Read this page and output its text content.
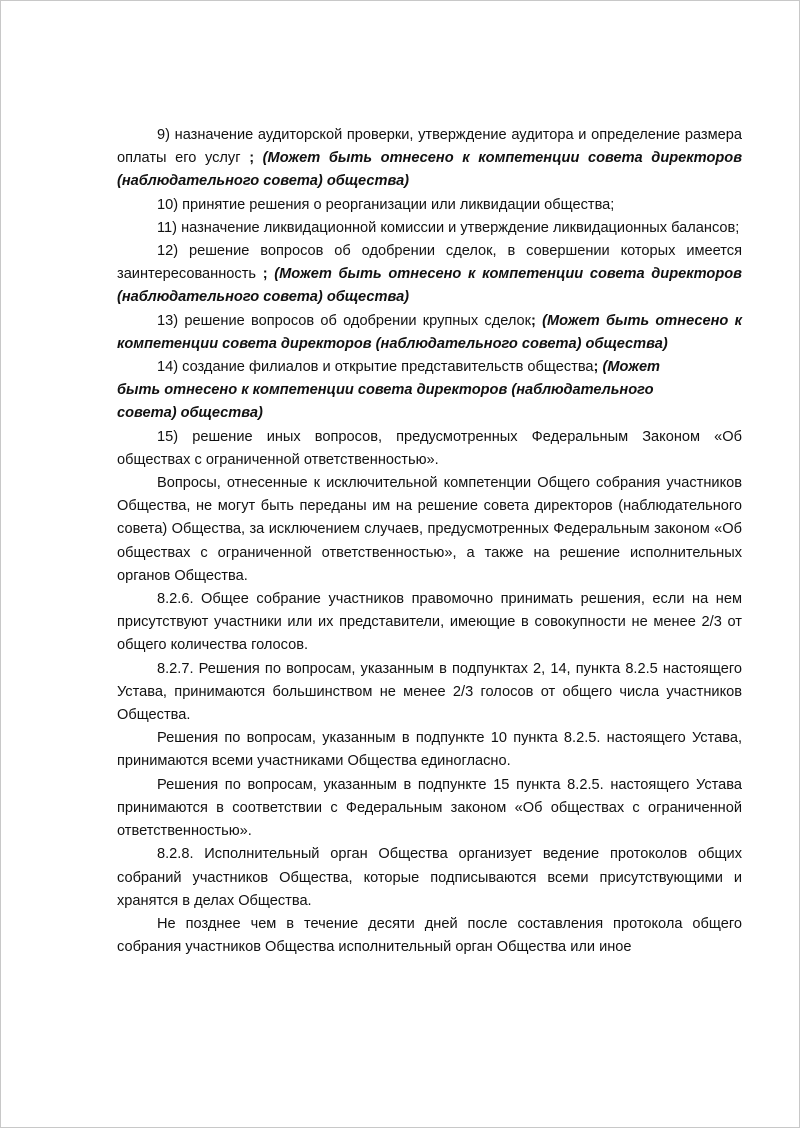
9) назначение аудиторской проверки, утверждение аудитора и определение размера оплаты его услуг ; (Может быть отнесено к компетенции совета директоров (наблюдательного совета) общества)

10) принятие решения о реорганизации или ликвидации общества;

11) назначение ликвидационной комиссии и утверждение ликвидационных балансов;

12) решение вопросов об одобрении сделок, в совершении которых имеется заинтересованность ; (Может быть отнесено к компетенции совета директоров (наблюдательного совета) общества)

13) решение вопросов об одобрении крупных сделок; (Может быть отнесено к компетенции совета директоров (наблюдательного совета) общества)

14) создание филиалов и открытие представительств общества; (Может быть отнесено к компетенции совета директоров (наблюдательного совета) общества)

15) решение иных вопросов, предусмотренных Федеральным Законом «Об обществах с ограниченной ответственностью».

Вопросы, отнесенные к исключительной компетенции Общего собрания участников Общества, не могут быть переданы им на решение совета директоров (наблюдательного совета) Общества, за исключением случаев, предусмотренных Федеральным законом «Об обществах с ограниченной ответственностью», а также на решение исполнительных органов Общества.

8.2.6. Общее собрание участников правомочно принимать решения, если на нем присутствуют участники или их представители, имеющие в совокупности не менее 2/3 от общего количества голосов.

8.2.7. Решения по вопросам, указанным в подпунктах 2, 14, пункта 8.2.5 настоящего Устава, принимаются большинством не менее 2/3 голосов от общего числа участников Общества.

Решения по вопросам, указанным в подпункте 10 пункта 8.2.5. настоящего Устава, принимаются всеми участниками Общества единогласно.

Решения по вопросам, указанным в подпункте 15 пункта 8.2.5. настоящего Устава принимаются в соответствии с Федеральным законом «Об обществах с ограниченной ответственностью».

8.2.8. Исполнительный орган Общества организует ведение протоколов общих собраний участников Общества, которые подписываются всеми присутствующими и хранятся в делах Общества.

Не позднее чем в течение десяти дней после составления протокола общего собрания участников Общества исполнительный орган Общества или иное
